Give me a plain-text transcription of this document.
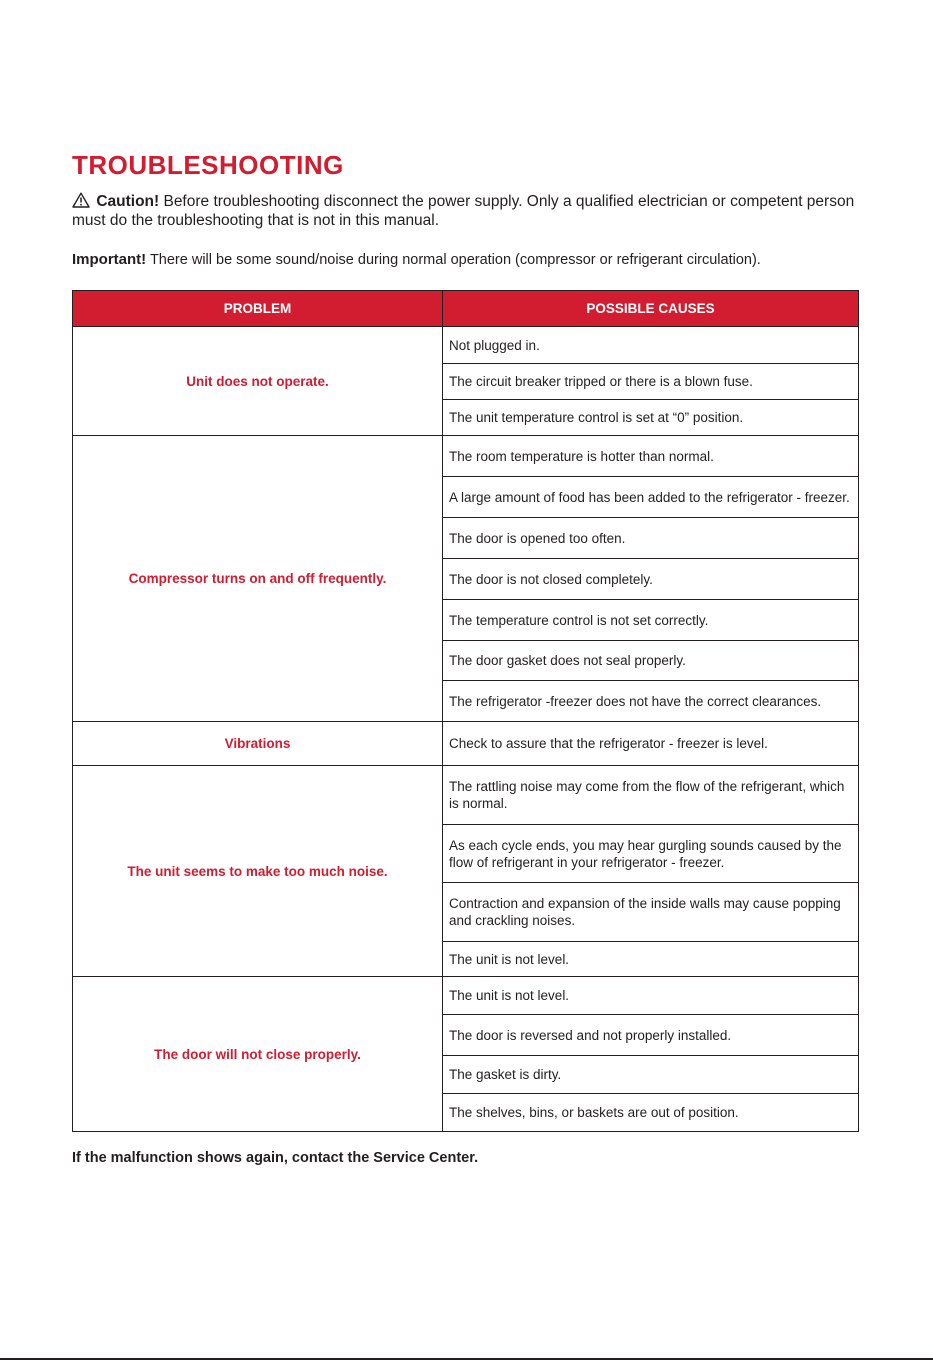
TROUBLESHOOTING

Caution! Before troubleshooting disconnect the power supply. Only a qualified electrician or competent person must do the troubleshooting that is not in this manual.

Important! There will be some sound/noise during normal operation (compressor or refrigerant circulation).

PROBLEM	POSSIBLE CAUSES
Unit does not operate.	Not plugged in.
	The circuit breaker tripped or there is a blown fuse.
	The unit temperature control is set at “0” position.
Compressor turns on and off frequently.	The room temperature is hotter than normal.
	A large amount of food has been added to the refrigerator - freezer.
	The door is opened too often.
	The door is not closed completely.
	The temperature control is not set correctly.
	The door gasket does not seal properly.
	The refrigerator -freezer does not have the correct clearances.
Vibrations	Check to assure that the refrigerator - freezer is level.
The unit seems to make too much noise.	The rattling noise may come from the flow of the refrigerant, which is normal.
	As each cycle ends, you may hear gurgling sounds caused by the flow of refrigerant in your refrigerator - freezer.
	Contraction and expansion of the inside walls may cause popping and crackling noises.
	The unit is not level.
The door will not close properly.	The unit is not level.
	The door is reversed and not properly installed.
	The gasket is dirty.
	The shelves, bins, or baskets are out of position.

If the malfunction shows again, contact the Service Center.
